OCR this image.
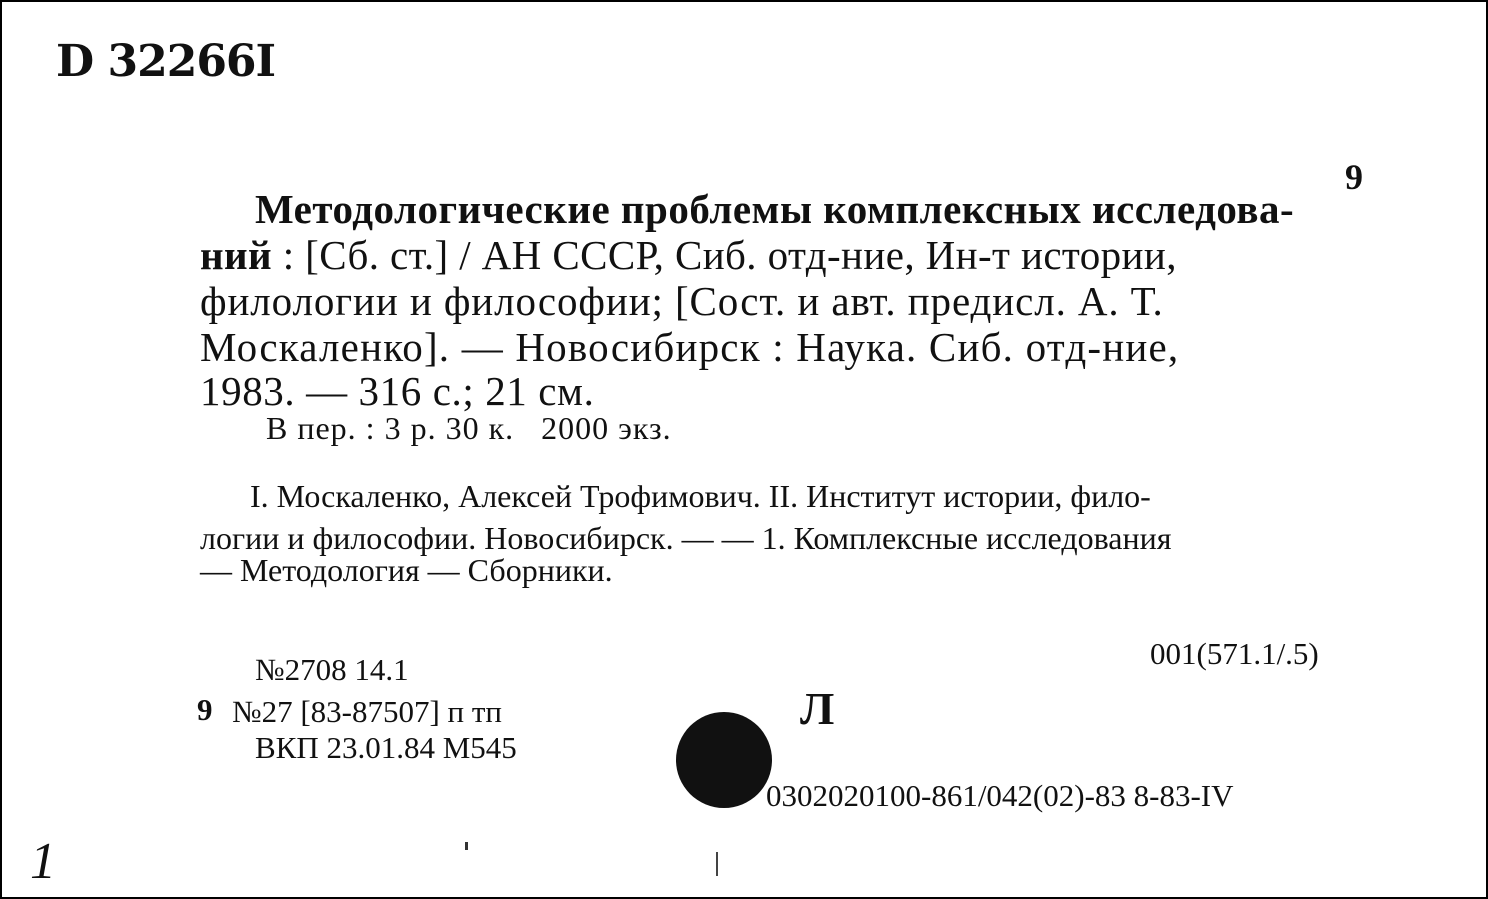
D 32266I
9
Методологические проблемы комплексных исследова-
ний : [Сб. ст.] / АН СССР, Сиб. отд-ние, Ин-т истории,
филологии и философии; [Сост. и авт. предисл. А. Т.
Москаленко]. — Новосибирск : Наука. Сиб. отд-ние,
1983. — 316 с.; 21 см.
В пер. : 3 р. 30 к.   2000 экз.
I. Москаленко, Алексей Трофимович. II. Институт истории, фило-
логии и философии. Новосибирск. — — 1. Комплексные исследования
— Методология — Сборники.
№2708 14.1
9 №27 [83-87507] п тп
ВКП 23.01.84 М545
001(571.1/.5)
Л
0302020100-861/042(02)-83 8-83-IV
1
